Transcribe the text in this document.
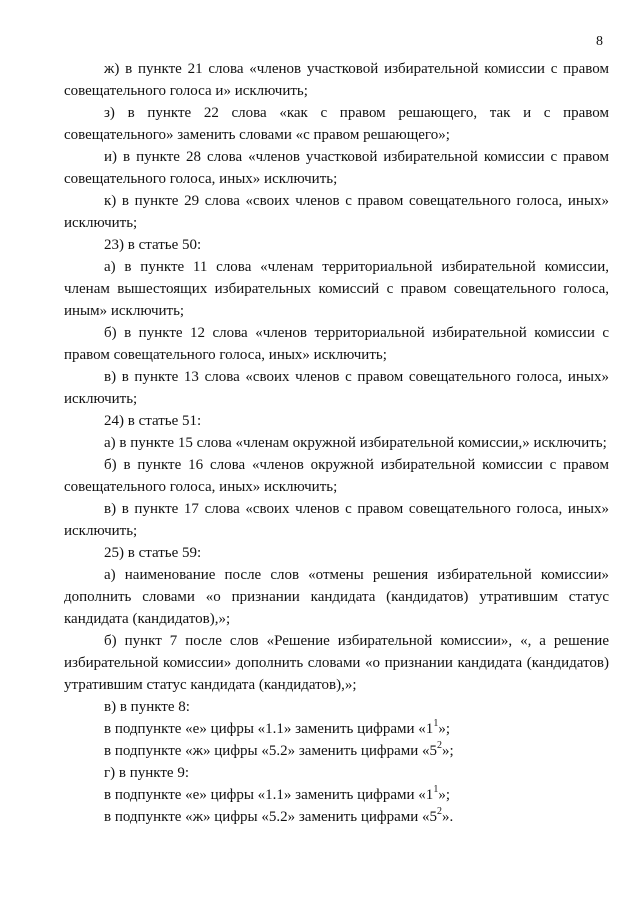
8

ж) в пункте 21 слова «членов участковой избирательной комиссии с правом совещательного голоса и» исключить;

з) в пункте 22 слова «как с правом решающего, так и с правом совещательного» заменить словами «с правом решающего»;

и) в пункте 28 слова «членов участковой избирательной комиссии с правом совещательного голоса, иных» исключить;

к) в пункте 29 слова «своих членов с правом совещательного голоса, иных» исключить;

23) в статье 50:

а) в пункте 11 слова «членам территориальной избирательной комиссии, членам вышестоящих избирательных комиссий с правом совещательного голоса, иным» исключить;

б) в пункте 12 слова «членов территориальной избирательной комиссии с правом совещательного голоса, иных» исключить;

в) в пункте 13 слова «своих членов с правом совещательного голоса, иных» исключить;

24) в статье 51:

а) в пункте 15 слова «членам окружной избирательной комиссии,» исключить;

б) в пункте 16 слова «членов окружной избирательной комиссии с правом совещательного голоса, иных» исключить;

в) в пункте 17 слова «своих членов с правом совещательного голоса, иных» исключить;

25) в статье 59:

а) наименование после слов «отмены решения избирательной комиссии» дополнить словами «о признании кандидата (кандидатов) утратившим статус кандидата (кандидатов),»;

б) пункт 7 после слов «Решение избирательной комиссии», «, а решение избирательной комиссии» дополнить словами «о признании кандидата (кандидатов) утратившим статус кандидата (кандидатов),»;

в) в пункте 8:

в подпункте «е» цифры «1.1» заменить цифрами «$1^1$»;

в подпункте «ж» цифры «5.2» заменить цифрами «$5^2$»;

г) в пункте 9:

в подпункте «е» цифры «1.1» заменить цифрами «$1^1$»;

в подпункте «ж» цифры «5.2» заменить цифрами «$5^2$».
